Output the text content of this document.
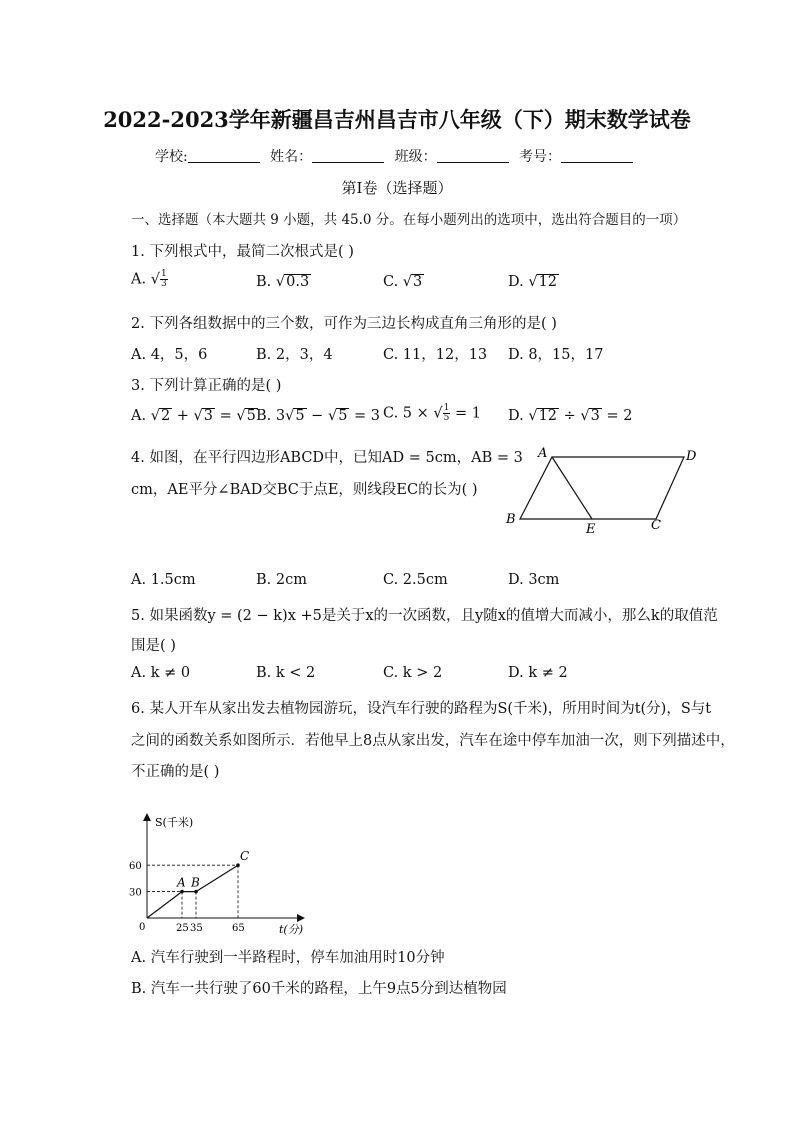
2022-2023学年新疆昌吉州昌吉市八年级（下）期末数学试卷
学校:	姓名：	班级：	考号：
第I卷（选择题）
一、选择题（本大题共 9 小题，共 45.0 分。在每小题列出的选项中，选出符合题目的一项）
1. 下列根式中，最简二次根式是( )
A. √ $\frac{1}{3}$	B. √0.3	C. √3	D. √12
2. 下列各组数据中的三个数，可作为三边长构成直角三角形的是( )
A. 4，5，6	B. 2，3，4	C. 11，12，13 D. 8，15，17
3. 下列计算正确的是( )
A. √2 + √3 = √5 B. 3√5 − √5 = 3 C. 5 × √ $\frac{1}{5} = 1$ D. √12 ÷ √3 = 2
4. 如图，在平行四边形ABCD中，已知AD = 5cm，AB = 3
cm，AE平分∠BAD交BC于点E，则线段EC的长为( )
A	D
B
E	C
A. 1.5cm	B. 2cm	C. 2.5cm	D. 3cm
5. 如果函数y = (2 − k)x +5是关于x的一次函数，且y随x的值增大而减小，那么k的取值范
围是( )
A. k ≠ 0	B. k < 2	C. k > 2	D. k ≠ 2
6. 某人开车从家出发去植物园游玩，设汽车行驶的路程为S(千米)，所用时间为t(分)，S与t
之间的函数关系如图所示．若他早上8点从家出发，汽车在途中停车加油一次，则下列描述中，
不正确的是( )
S(千米)
t(分)
0
A B
C
25 35	65
30
60
A. 汽车行驶到一半路程时，停车加油用时10分钟
B. 汽车一共行驶了60千米的路程，上午9点5分到达植物园
